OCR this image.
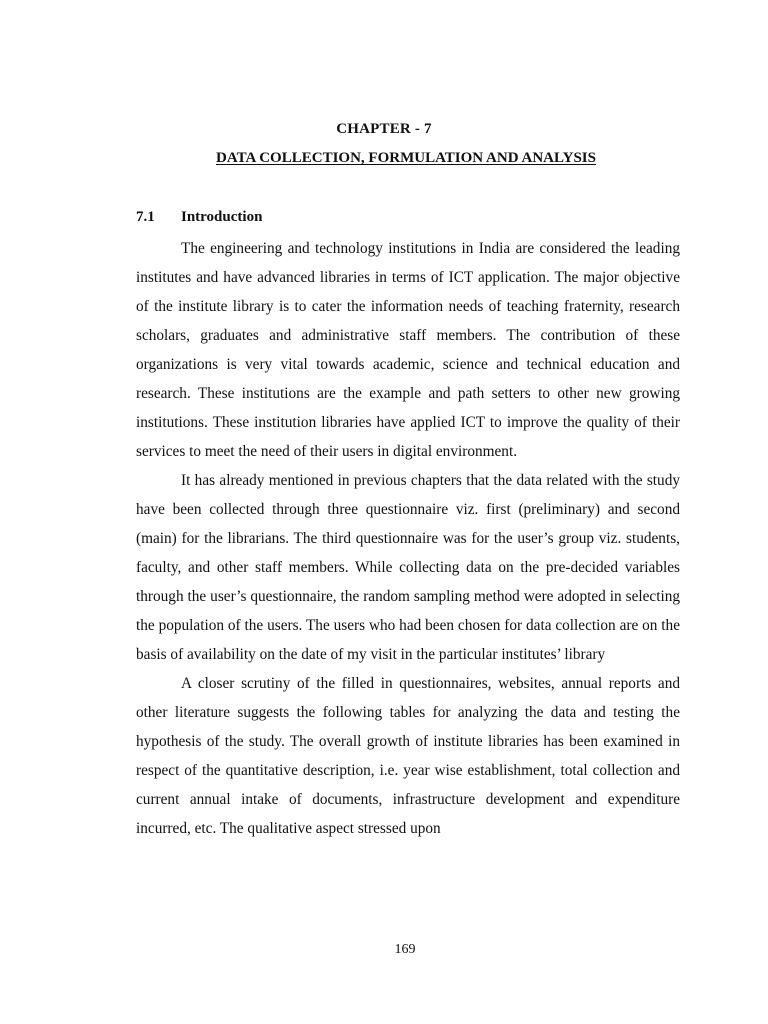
CHAPTER - 7
DATA COLLECTION, FORMULATION AND ANALYSIS
7.1 Introduction

The engineering and technology institutions in India are considered the leading institutes and have advanced libraries in terms of ICT application. The major objective of the institute library is to cater the information needs of teaching fraternity, research scholars, graduates and administrative staff members. The contribution of these organizations is very vital towards academic, science and technical education and research. These institutions are the example and path setters to other new growing institutions. These institution libraries have applied ICT to improve the quality of their services to meet the need of their users in digital environment.

It has already mentioned in previous chapters that the data related with the study have been collected through three questionnaire viz. first (preliminary) and second (main) for the librarians. The third questionnaire was for the user’s group viz. students, faculty, and other staff members. While collecting data on the pre-decided variables through the user’s questionnaire, the random sampling method were adopted in selecting the population of the users. The users who had been chosen for data collection are on the basis of availability on the date of my visit in the particular institutes’ library

A closer scrutiny of the filled in questionnaires, websites, annual reports and other literature suggests the following tables for analyzing the data and testing the hypothesis of the study. The overall growth of institute libraries has been examined in respect of the quantitative description, i.e. year wise establishment, total collection and current annual intake of documents, infrastructure development and expenditure incurred, etc. The qualitative aspect stressed upon

169
